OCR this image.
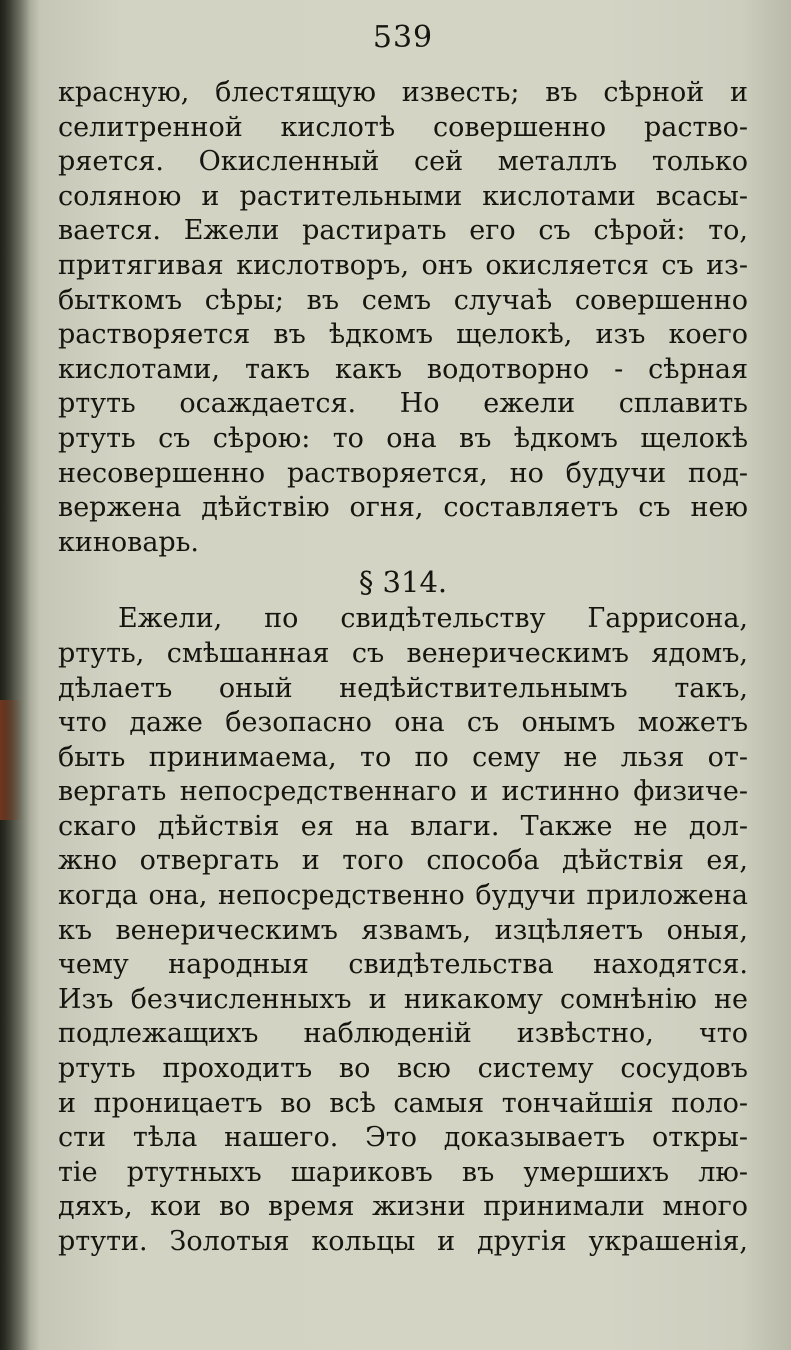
539
красную, блестящую известь; въ сѣрной и
селитренной кислотѣ совершенно раство-
ряется. Окисленный сей металлъ только
соляною и растительными кислотами всасы-
вается. Ежели растирать его съ сѣрой: то,
притягивая кислотворъ, онъ окисляется съ из-
быткомъ сѣры; въ семъ случаѣ совершенно
растворяется въ ѣдкомъ щелокѣ, изъ коего
кислотами, такъ какъ водотворно - сѣрная
ртуть осаждается. Но ежели сплавить
ртуть съ сѣрою: то она въ ѣдкомъ щелокѣ
несовершенно растворяется, но будучи под-
вержена дѣйствію огня, составляетъ съ нею
киноварь.
§ 314.
Ежели, по свидѣтельству Гаррисона,
ртуть, смѣшанная съ венерическимъ ядомъ,
дѣлаетъ оный недѣйствительнымъ такъ,
что даже безопасно она съ онымъ можетъ
быть принимаема, то по сему не льзя от-
вергать непосредственнаго и истинно физиче-
скаго дѣйствія ея на влаги. Также не дол-
жно отвергать и того способа дѣйствія ея,
когда она, непосредственно будучи приложена
къ венерическимъ язвамъ, изцѣляетъ оныя,
чему народныя свидѣтельства находятся.
Изъ безчисленныхъ и никакому сомнѣнію не
подлежащихъ наблюденій извѣстно, что
ртуть проходитъ во всю систему сосудовъ
и проницаетъ во всѣ самыя тончайшія поло-
сти тѣла нашего. Это доказываетъ откры-
тіе ртутныхъ шариковъ въ умершихъ лю-
дяхъ, кои во время жизни принимали много
ртути. Золотыя кольцы и другія украшенія,
